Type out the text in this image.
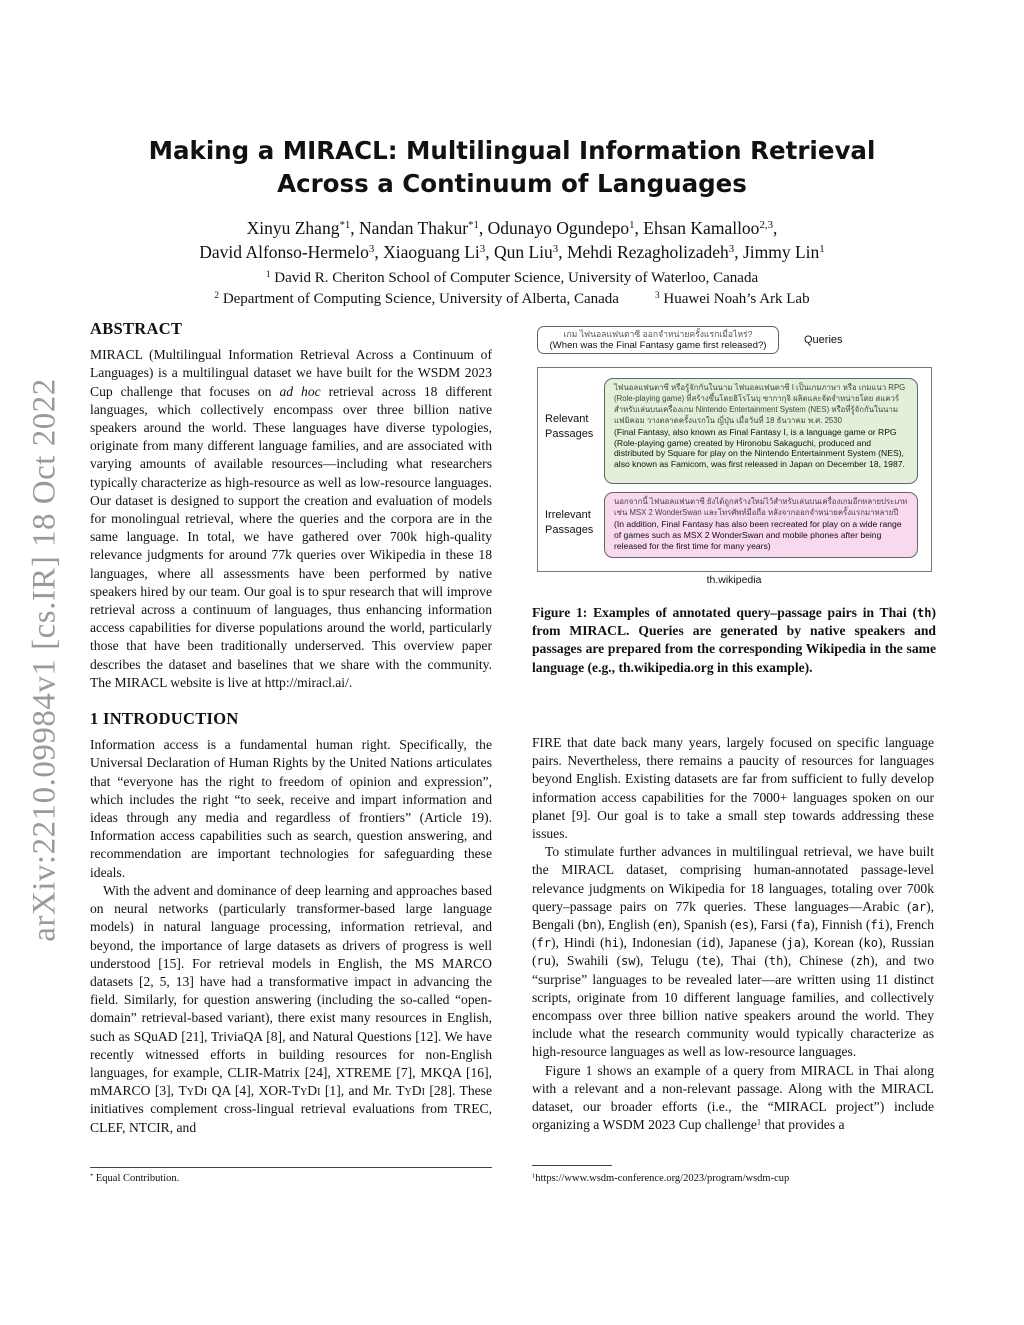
arXiv:2210.09984v1 [cs.IR] 18 Oct 2022
Making a MIRACL: Multilingual Information Retrieval Across a Continuum of Languages
Xinyu Zhang$^{*1}$, Nandan Thakur$^{*1}$, Odunayo Ogundepo$^1$, Ehsan Kamalloo$^{2,3}$,
David Alfonso-Hermelo$^3$, Xiaoguang Li$^3$, Qun Liu$^3$, Mehdi Rezagholizadeh$^3$, Jimmy Lin$^1$
$^1$ David R. Cheriton School of Computer Science, University of Waterloo, Canada
$^2$ Department of Computing Science, University of Alberta, Canada	$^3$ Huawei Noah’s Ark Lab
ABSTRACT

MIRACL (Multilingual Information Retrieval Across a Continuum of Languages) is a multilingual dataset we have built for the WSDM 2023 Cup challenge that focuses on ad hoc retrieval across 18 different languages, which collectively encompass over three billion native speakers around the world. These languages have diverse typologies, originate from many different language families, and are associated with varying amounts of available resources—including what researchers typically characterize as high-resource as well as low-resource languages. Our dataset is designed to support the creation and evaluation of models for monolingual retrieval, where the queries and the corpora are in the same language. In total, we have gathered over 700k high-quality relevance judgments for around 77k queries over Wikipedia in these 18 languages, where all assessments have been performed by native speakers hired by our team. Our goal is to spur research that will improve retrieval across a continuum of languages, thus enhancing information access capabilities for diverse populations around the world, particularly those that have been traditionally underserved. This overview paper describes the dataset and baselines that we share with the community. The MIRACL website is live at http://miracl.ai/.

1 INTRODUCTION

Information access is a fundamental human right. Specifically, the Universal Declaration of Human Rights by the United Nations articulates that “everyone has the right to freedom of opinion and expression”, which includes the right “to seek, receive and impart information and ideas through any media and regardless of frontiers” (Article 19). Information access capabilities such as search, question answering, and recommendation are important technologies for safeguarding these ideals.

With the advent and dominance of deep learning and approaches based on neural networks (particularly transformer-based large language models) in natural language processing, information retrieval, and beyond, the importance of large datasets as drivers of progress is well understood [15]. For retrieval models in English, the MS MARCO datasets [2, 5, 13] have had a transformative impact in advancing the field. Similarly, for question answering (including the so-called “open-domain” retrieval-based variant), there exist many resources in English, such as SQuAD [21], TriviaQA [8], and Natural Questions [12]. We have recently witnessed efforts in building resources for non-English languages, for example, CLIR-Matrix [24], XTREME [7], MKQA [16], mMARCO [3], TyDi QA [4], XOR-TyDi [1], and Mr. TyDi [28]. These initiatives complement cross-lingual retrieval evaluations from TREC, CLEF, NTCIR, and

* Equal Contribution.
เกม ไฟนอลแฟนตาซี ออกจำหน่ายครั้งแรกเมื่อไหร่?
(When was the Final Fantasy game first released?)	Queries
Relevant
Passages
Irrelevant
Passages
ไฟนอลแฟนตาซี หรือรู้จักกันในนาม ไฟนอลแฟนตาซี I เป็นเกมภาษา หรือ เกมแนว RPG (Role-playing game) ที่สร้างขึ้นโดยฮิโรโนบุ ซากากุจิ ผลิตและจัดจำหน่ายโดย สแควร์ สำหรับเล่นบนเครื่องเกม Nintendo Entertainment System (NES) หรือที่รู้จักกันในนาม แฟมิคอม วางตลาดครั้งแรกใน ญี่ปุ่น เมื่อวันที่ 18 ธันวาคม พ.ศ. 2530
(Final Fantasy, also known as Final Fantasy I, is a language game or RPG (Role-playing game) created by Hironobu Sakaguchi, produced and distributed by Square for play on the Nintendo Entertainment System (NES), also known as Famicom, was first released in Japan on December 18, 1987.
นอกจากนี้ ไฟนอลแฟนตาซี ยังได้ถูกสร้างใหม่ไว้สำหรับเล่นบนเครื่องเกมอีกหลายประเภท เช่น MSX 2 WonderSwan และโทรศัพท์มือถือ หลังจากออกจำหน่ายครั้งแรกมาหลายปี
(In addition, Final Fantasy has also been recreated for play on a wide range of games such as MSX 2 WonderSwan and mobile phones after being released for the first time for many years)
th.wikipedia
Figure 1: Examples of annotated query–passage pairs in Thai (th) from MIRACL. Queries are generated by native speakers and passages are prepared from the corresponding Wikipedia in the same language (e.g., th.wikipedia.org in this example).

FIRE that date back many years, largely focused on specific language pairs. Nevertheless, there remains a paucity of resources for languages beyond English. Existing datasets are far from sufficient to fully develop information access capabilities for the 7000+ languages spoken on our planet [9]. Our goal is to take a small step towards addressing these issues.

To stimulate further advances in multilingual retrieval, we have built the MIRACL dataset, comprising human-annotated passage-level relevance judgments on Wikipedia for 18 languages, totaling over 700k query–passage pairs on 77k queries. These languages—Arabic (ar), Bengali (bn), English (en), Spanish (es), Farsi (fa), Finnish (fi), French (fr), Hindi (hi), Indonesian (id), Japanese (ja), Korean (ko), Russian (ru), Swahili (sw), Telugu (te), Thai (th), Chinese (zh), and two “surprise” languages to be revealed later—are written using 11 distinct scripts, originate from 10 different language families, and collectively encompass over three billion native speakers around the world. They include what the research community would typically characterize as high-resource languages as well as low-resource languages.

Figure 1 shows an example of a query from MIRACL in Thai along with a relevant and a non-relevant passage. Along with the MIRACL dataset, our broader efforts (i.e., the “MIRACL project”) include organizing a WSDM 2023 Cup challenge$^1$ that provides a

$^1$https://www.wsdm-conference.org/2023/program/wsdm-cup
